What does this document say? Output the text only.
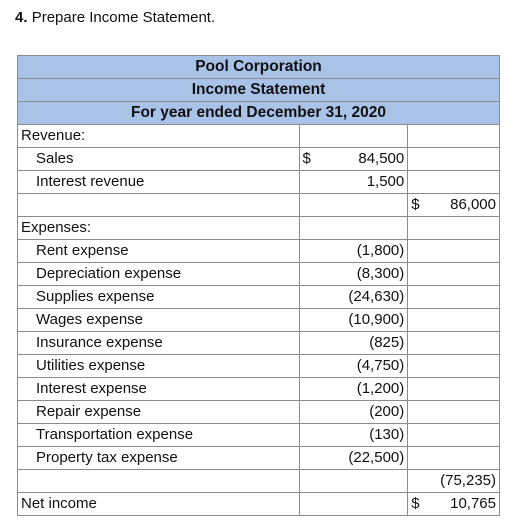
4. Prepare Income Statement.
Pool Corporation		
Income Statement		
For year ended December 31, 2020		
Revenue:		
Sales	$ 84,500	

Interest revenue	1,500	

		$ 86,000

Expenses:		
Rent expense	(1,800)	
Depreciation expense	(8,300)	
Supplies expense	(24,630)	
Wages expense	(10,900)	
Insurance expense	(825)	
Utilities expense	(4,750)	
Interest expense	(1,200)	
Repair expense	(200)	
Transportation expense	(130)	
Property tax expense	(22,500)	
		(75,235)
Net income		$ 10,765
